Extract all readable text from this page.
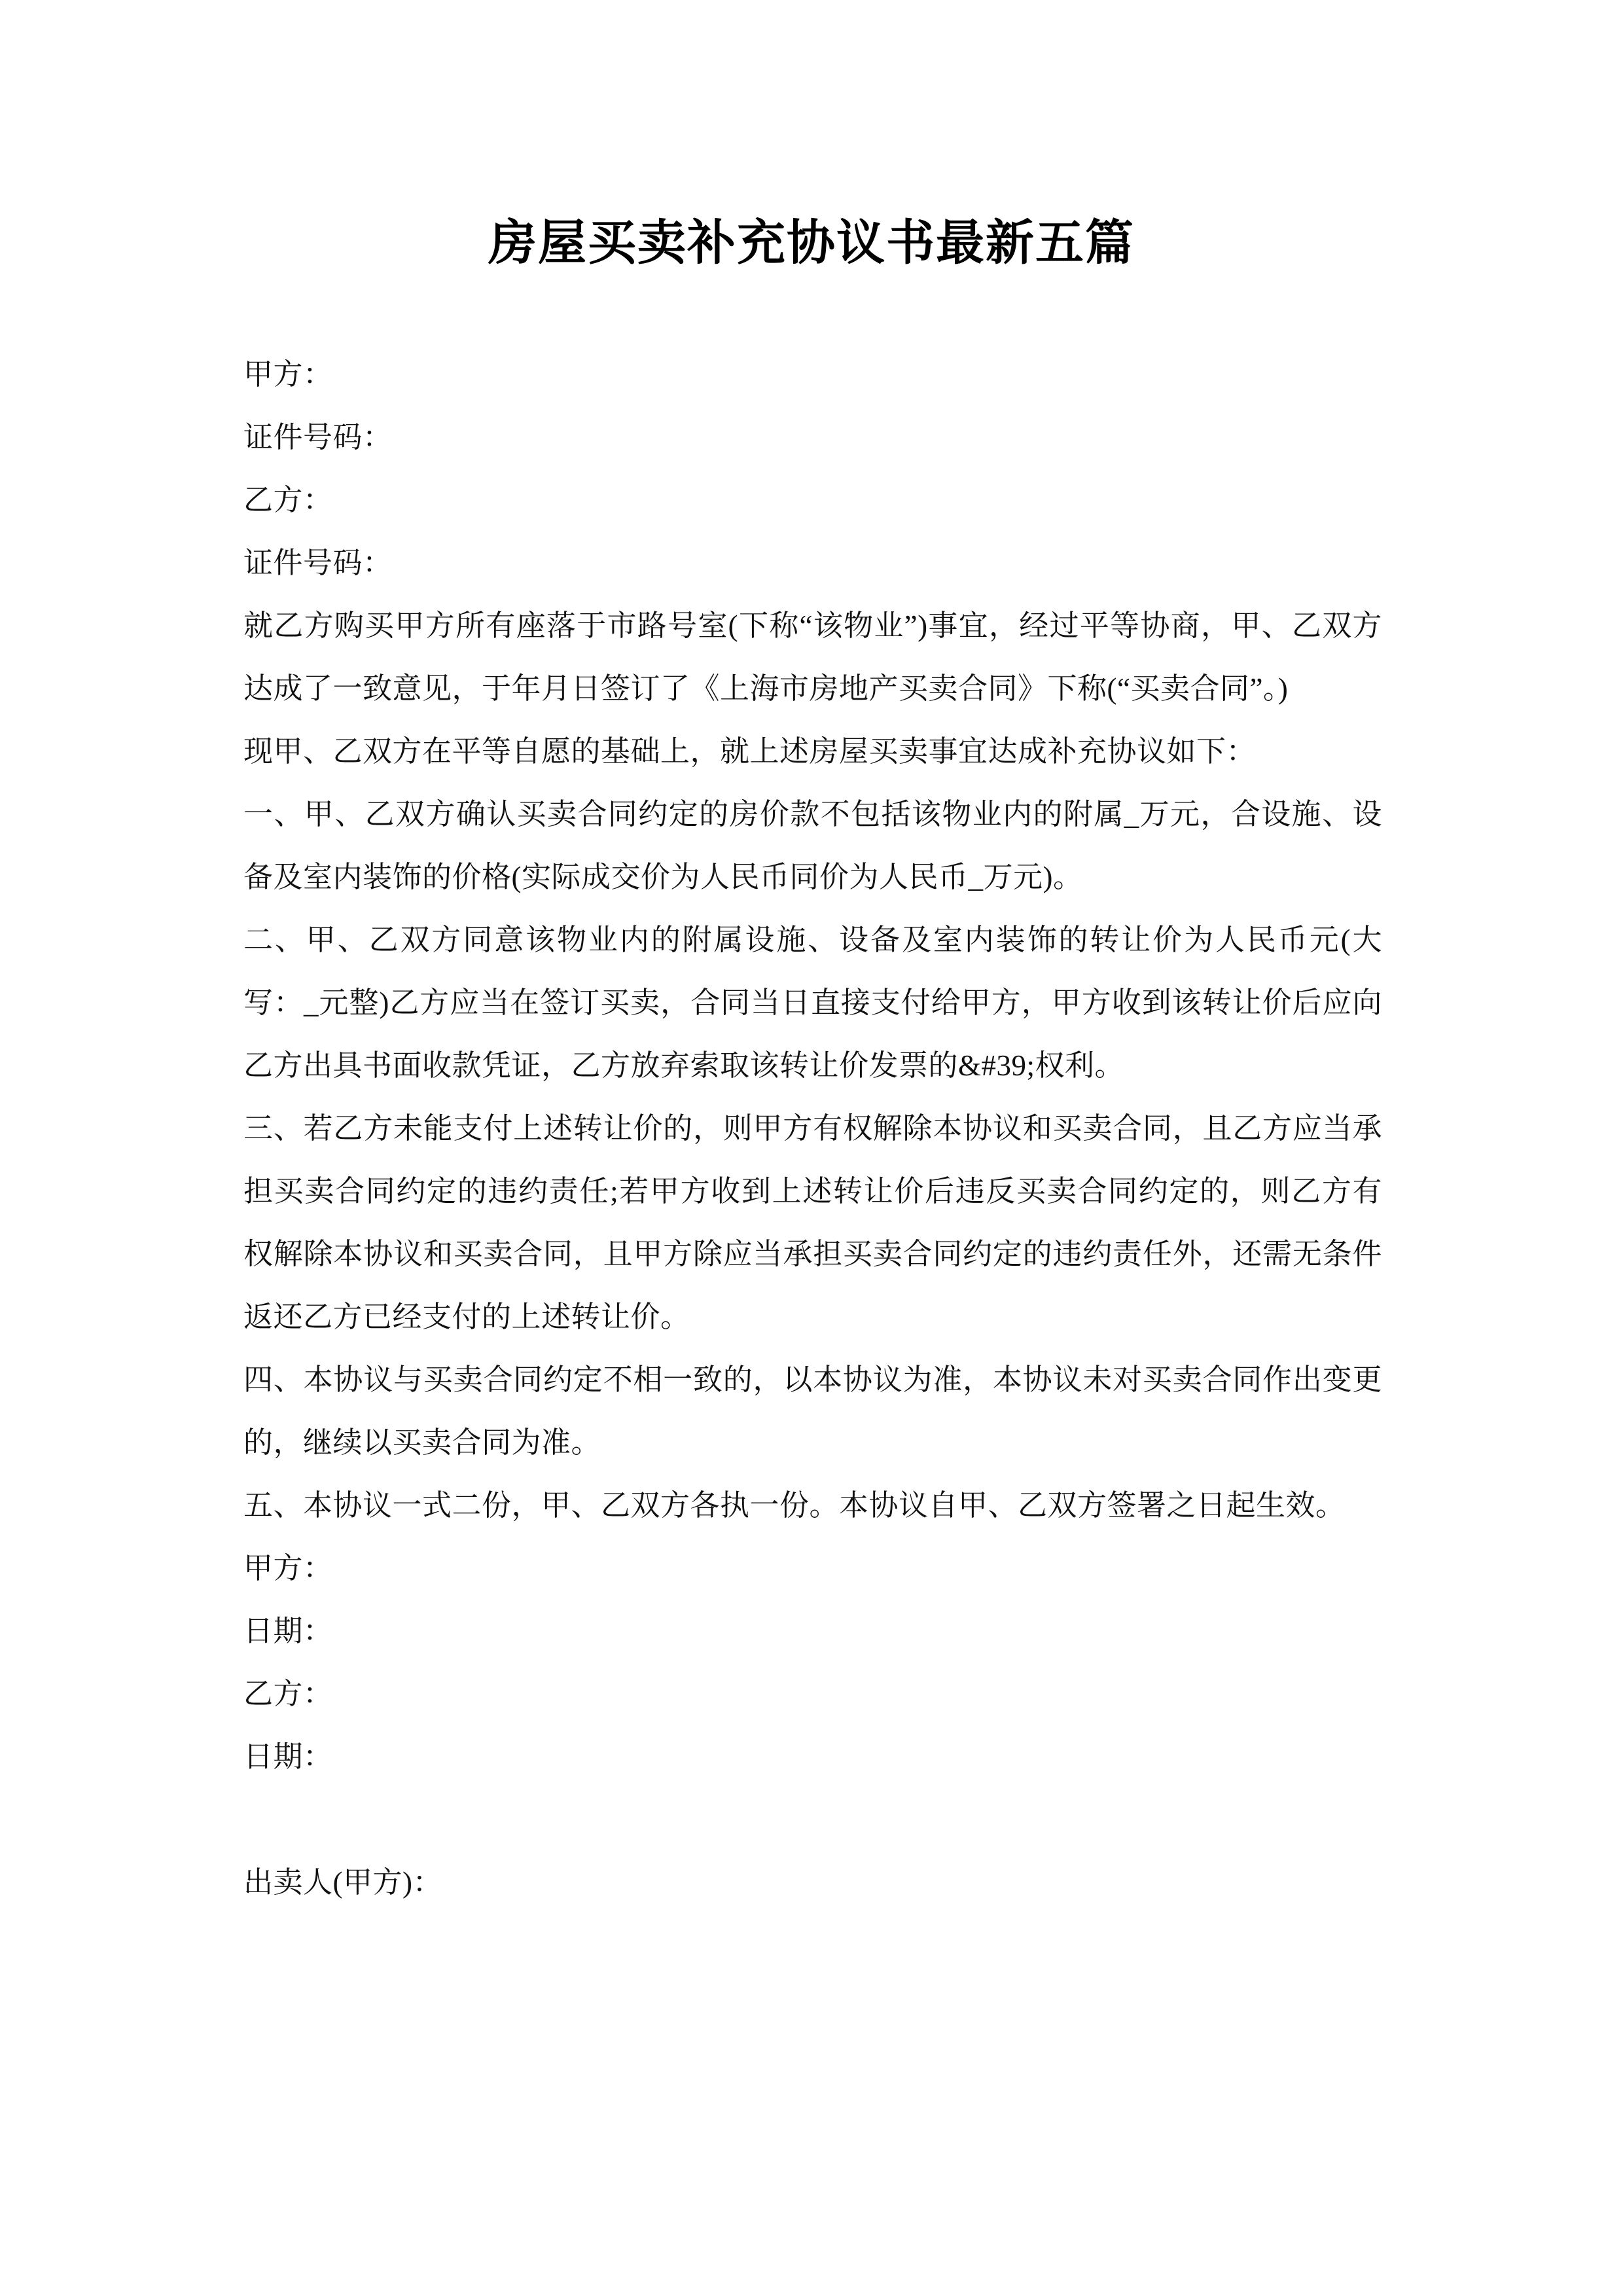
房屋买卖补充协议书最新五篇

甲方：

证件号码：

乙方：

证件号码：

就乙方购买甲方所有座落于市路号室(下称“该物业”)事宜，经过平等协商，甲、乙双方达成了一致意见，于年月日签订了《上海市房地产买卖合同》下称(“买卖合同”。)

现甲、乙双方在平等自愿的基础上，就上述房屋买卖事宜达成补充协议如下：

一、甲、乙双方确认买卖合同约定的房价款不包括该物业内的附属_万元，合设施、设备及室内装饰的价格(实际成交价为人民币同价为人民币_万元)。

二、甲、乙双方同意该物业内的附属设施、设备及室内装饰的转让价为人民币元(大写：_元整)乙方应当在签订买卖，合同当日直接支付给甲方，甲方收到该转让价后应向乙方出具书面收款凭证，乙方放弃索取该转让价发票的&#39;权利。

三、若乙方未能支付上述转让价的，则甲方有权解除本协议和买卖合同，且乙方应当承担买卖合同约定的违约责任;若甲方收到上述转让价后违反买卖合同约定的，则乙方有权解除本协议和买卖合同，且甲方除应当承担买卖合同约定的违约责任外，还需无条件返还乙方已经支付的上述转让价。

四、本协议与买卖合同约定不相一致的，以本协议为准，本协议未对买卖合同作出变更的，继续以买卖合同为准。

五、本协议一式二份，甲、乙双方各执一份。本协议自甲、乙双方签署之日起生效。

甲方：

日期：

乙方：

日期：

出卖人(甲方)：
